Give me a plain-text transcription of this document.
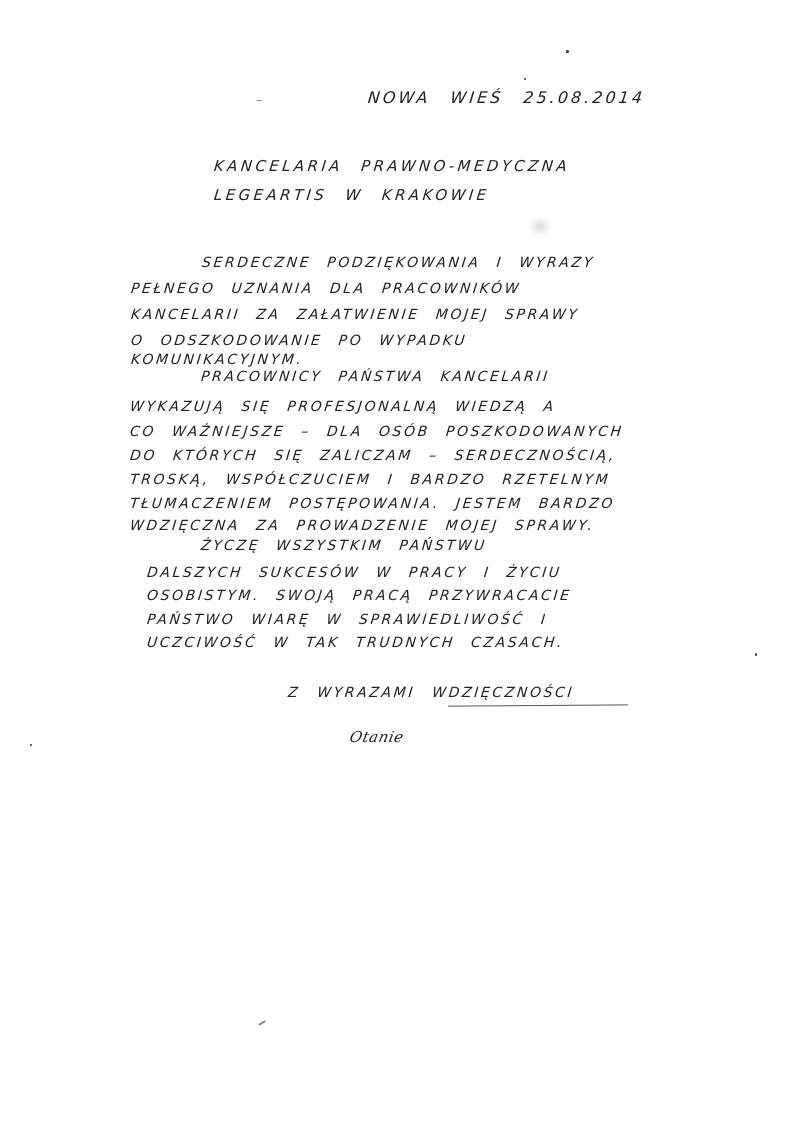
NOWA WIEŚ 25.08.2014
KANCELARIA PRAWNO-MEDYCZNA
LEGEARTIS W KRAKOWIE
SERDECZNE PODZIĘKOWANIA I WYRAZY
PEŁNEGO UZNANIA DLA PRACOWNIKÓW
KANCELARII ZA ZAŁATWIENIE MOJEJ SPRAWY
O ODSZKODOWANIE PO WYPADKU
KOMUNIKACYJNYM.
PRACOWNICY PAŃSTWA KANCELARII
WYKAZUJĄ SIĘ PROFESJONALNĄ WIEDZĄ A
CO WAŻNIEJSZE – DLA OSÓB POSZKODOWANYCH
DO KTÓRYCH SIĘ ZALICZAM – SERDECZNOŚCIĄ,
TROSKĄ, WSPÓŁCZUCIEM I BARDZO RZETELNYM
TŁUMACZENIEM POSTĘPOWANIA. JESTEM BARDZO
WDZIĘCZNA ZA PROWADZENIE MOJEJ SPRAWY.
ŻYCZĘ WSZYSTKIM PAŃSTWU
DALSZYCH SUKCESÓW W PRACY I ŻYCIU
OSOBISTYM. SWOJĄ PRACĄ PRZYWRACACIE
PAŃSTWO WIARĘ W SPRAWIEDLIWOŚĆ I
UCZCIWOŚĆ W TAK TRUDNYCH CZASACH.
Z WYRAZAMI WDZIĘCZNOŚCI
Otanie
